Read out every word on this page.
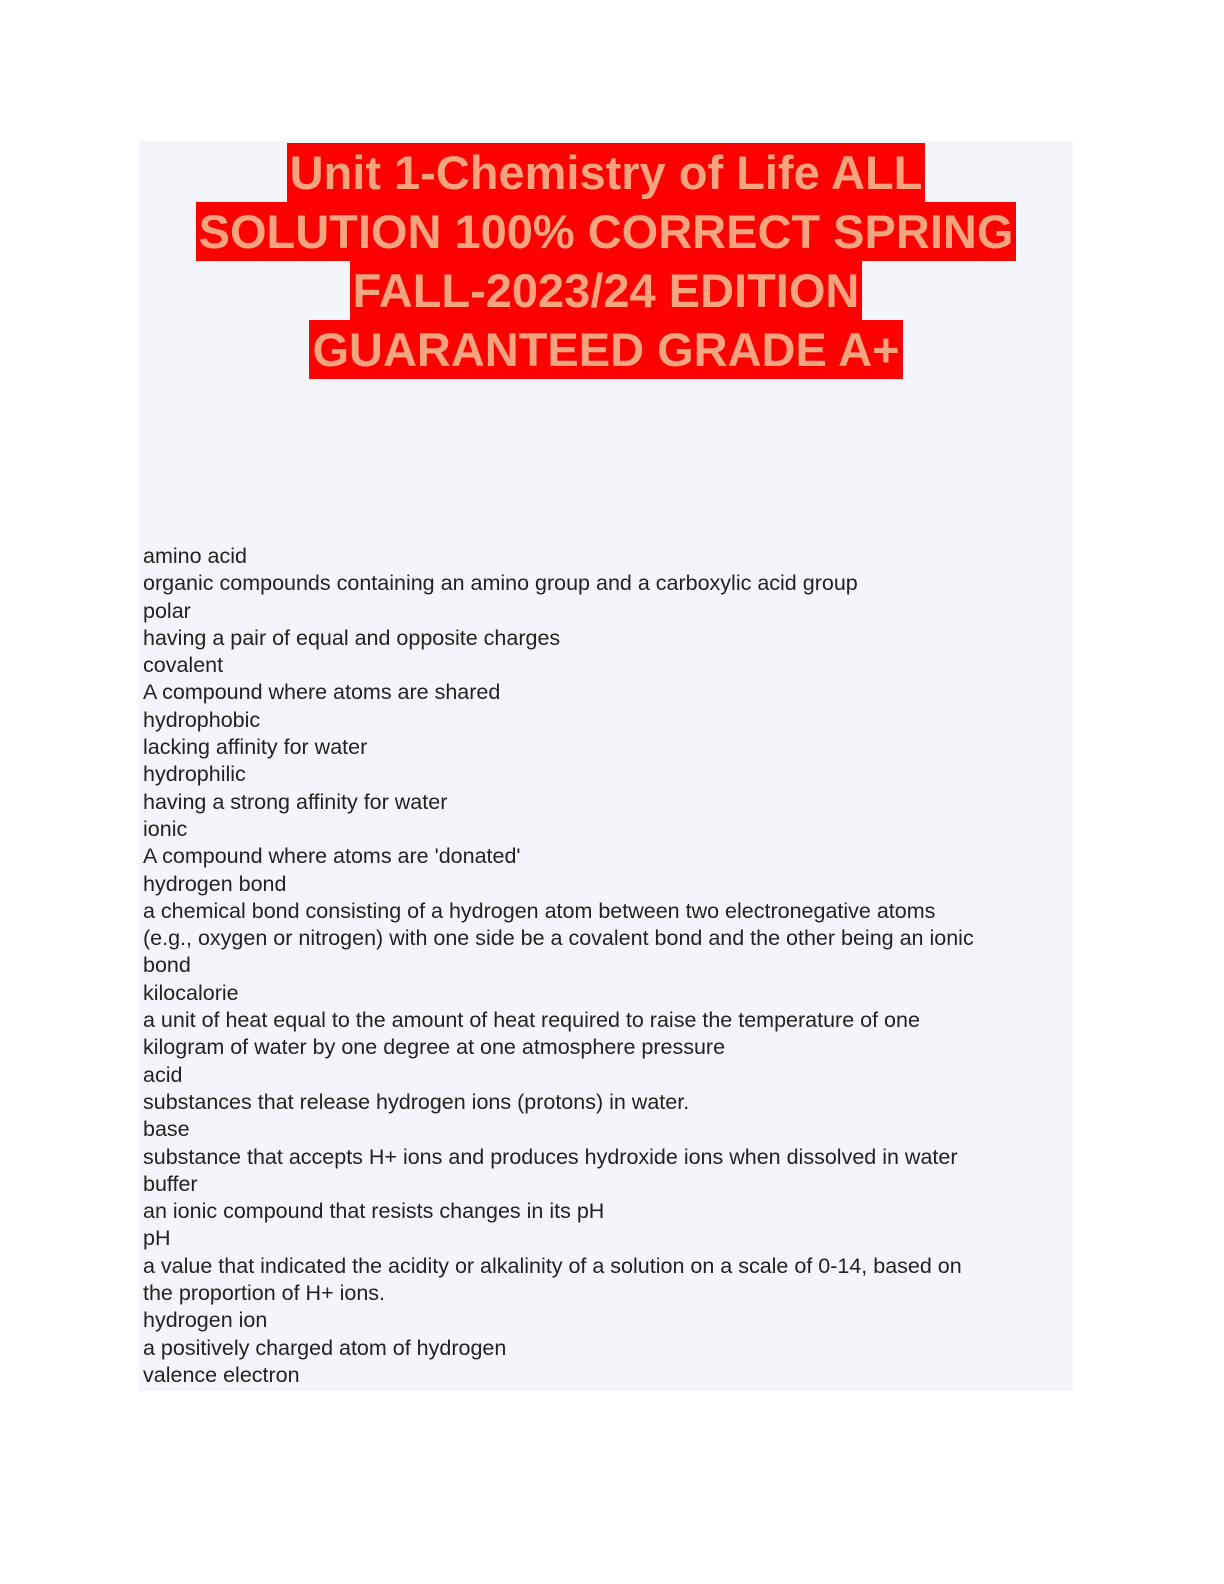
Unit 1-Chemistry of Life ALL
SOLUTION 100% CORRECT SPRING
FALL-2023/24 EDITION
GUARANTEED GRADE A+
amino acid
organic compounds containing an amino group and a carboxylic acid group
polar
having a pair of equal and opposite charges
covalent
A compound where atoms are shared
hydrophobic
lacking affinity for water
hydrophilic
having a strong affinity for water
ionic
A compound where atoms are 'donated'
hydrogen bond
a chemical bond consisting of a hydrogen atom between two electronegative atoms
(e.g., oxygen or nitrogen) with one side be a covalent bond and the other being an ionic
bond
kilocalorie
a unit of heat equal to the amount of heat required to raise the temperature of one
kilogram of water by one degree at one atmosphere pressure
acid
substances that release hydrogen ions (protons) in water.
base
substance that accepts H+ ions and produces hydroxide ions when dissolved in water
buffer
an ionic compound that resists changes in its pH
pH
a value that indicated the acidity or alkalinity of a solution on a scale of 0-14, based on
the proportion of H+ ions.
hydrogen ion
a positively charged atom of hydrogen
valence electron
